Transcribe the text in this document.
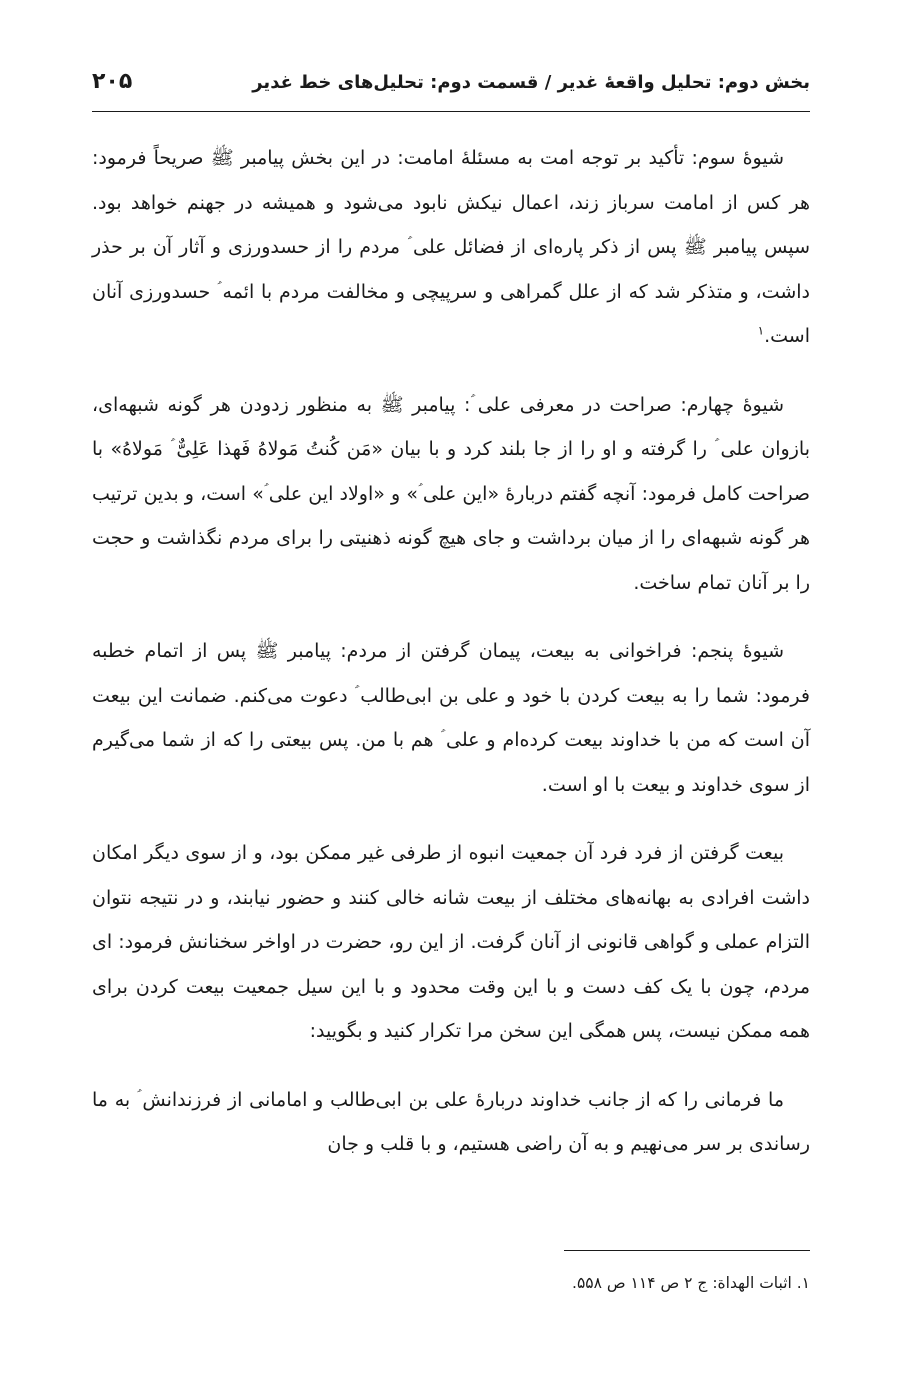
بخش دوم: تحلیل واقعهٔ غدیر / قسمت دوم: تحلیل‌های خط غدیر
۲۰۵

شیوهٔ سوم: تأکید بر توجه امت به مسئلهٔ امامت: در این بخش پیامبر ﷺ صریحاً فرمود: هر کس از امامت سرباز زند، اعمال نیکش نابود می‌شود و همیشه در جهنم خواهد بود. سپس پیامبر ﷺ پس از ذکر پاره‌ای از فضائل علی ؑ مردم را از حسدورزی و آثار آن بر حذر داشت، و متذکر شد که از علل گمراهی و سرپیچی و مخالفت مردم با ائمه ؑ حسدورزی آنان است.$^۱$

شیوهٔ چهارم: صراحت در معرفی علی ؑ: پیامبر ﷺ به منظور زدودن هر گونه شبهه‌ای، بازوان علی ؑ را گرفته و او را از جا بلند کرد و با بیان «مَن کُنتُ مَولاهُ فَهذا عَلِیٌّ ؑ مَولاهُ» با صراحت کامل فرمود: آنچه گفتم دربارهٔ «این علی ؑ» و «اولاد این علی ؑ» است، و بدین ترتیب هر گونه شبهه‌ای را از میان برداشت و جای هیچ گونه ذهنیتی را برای مردم نگذاشت و حجت را بر آنان تمام ساخت.

شیوهٔ پنجم: فراخوانی به بیعت، پیمان گرفتن از مردم: پیامبر ﷺ پس از اتمام خطبه فرمود: شما را به بیعت کردن با خود و علی بن ابی‌طالب ؑ دعوت می‌کنم. ضمانت این بیعت آن است که من با خداوند بیعت کرده‌ام و علی ؑ هم با من. پس بیعتی را که از شما می‌گیرم از سوی خداوند و بیعت با او است.

بیعت گرفتن از فرد فرد آن جمعیت انبوه از طرفی غیر ممکن بود، و از سوی دیگر امکان داشت افرادی به بهانه‌های مختلف از بیعت شانه خالی کنند و حضور نیابند، و در نتیجه نتوان التزام عملی و گواهی قانونی از آنان گرفت. از این رو، حضرت در اواخر سخنانش فرمود: ای مردم، چون با یک کف دست و با این وقت محدود و با این سیل جمعیت بیعت کردن برای همه ممکن نیست، پس همگی این سخن مرا تکرار کنید و بگویید:

ما فرمانی را که از جانب خداوند دربارهٔ علی بن ابی‌طالب و امامانی از فرزندانش ؑ به ما رساندی بر سر می‌نهیم و به آن راضی هستیم، و با قلب و جان

۱. اثبات الهداة: ج ۲ ص ۱۱۴ ص ۵۵۸.
